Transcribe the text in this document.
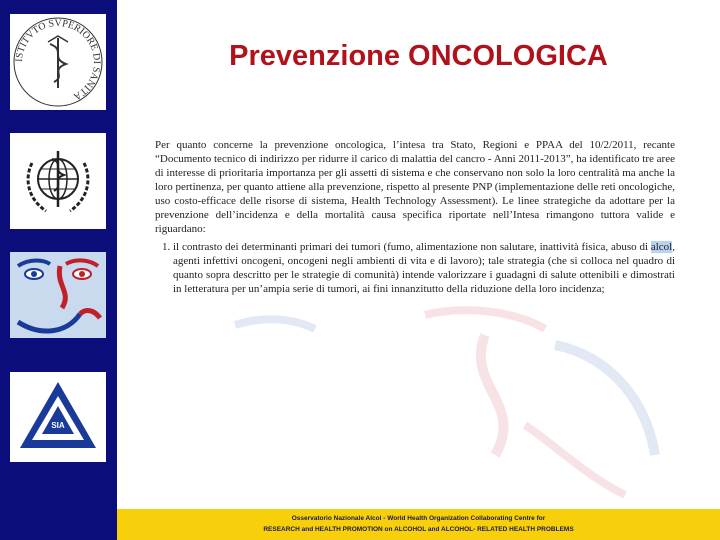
ISTITVTO SVPERIORE DI SANITÀ
SIA
Prevenzione ONCOLOGICA

Per quanto concerne la prevenzione oncologica, l’intesa tra Stato, Regioni e PPAA del 10/2/2011, recante “Documento tecnico di indirizzo per ridurre il carico di malattia del cancro - Anni 2011-2013”, ha identificato tre aree di interesse di prioritaria importanza per gli assetti di sistema e che conservano non solo la loro centralità ma anche la loro pertinenza, per quanto attiene alla prevenzione, rispetto al presente PNP (implementazione delle reti oncologiche, uso costo-efficace delle risorse di sistema, Health Technology Assessment). Le linee strategiche da adottare per la prevenzione dell’incidenza e della mortalità causa specifica riportate nell’Intesa rimangono tuttora valide e riguardano:

1. il contrasto dei determinanti primari dei tumori (fumo, alimentazione non salutare, inattività fisica, abuso di alcol, agenti infettivi oncogeni, oncogeni negli ambienti di vita e di lavoro); tale strategia (che si colloca nel quadro di quanto sopra descritto per le strategie di comunità) intende valorizzare i guadagni di salute ottenibili e dimostrati in letteratura per un’ampia serie di tumori, ai fini innanzitutto della riduzione della loro incidenza;
Osservatorio Nazionale Alcol - World Health Organization Collaborating Centre for
RESEARCH and HEALTH PROMOTION on ALCOHOL and ALCOHOL- RELATED HEALTH PROBLEMS
